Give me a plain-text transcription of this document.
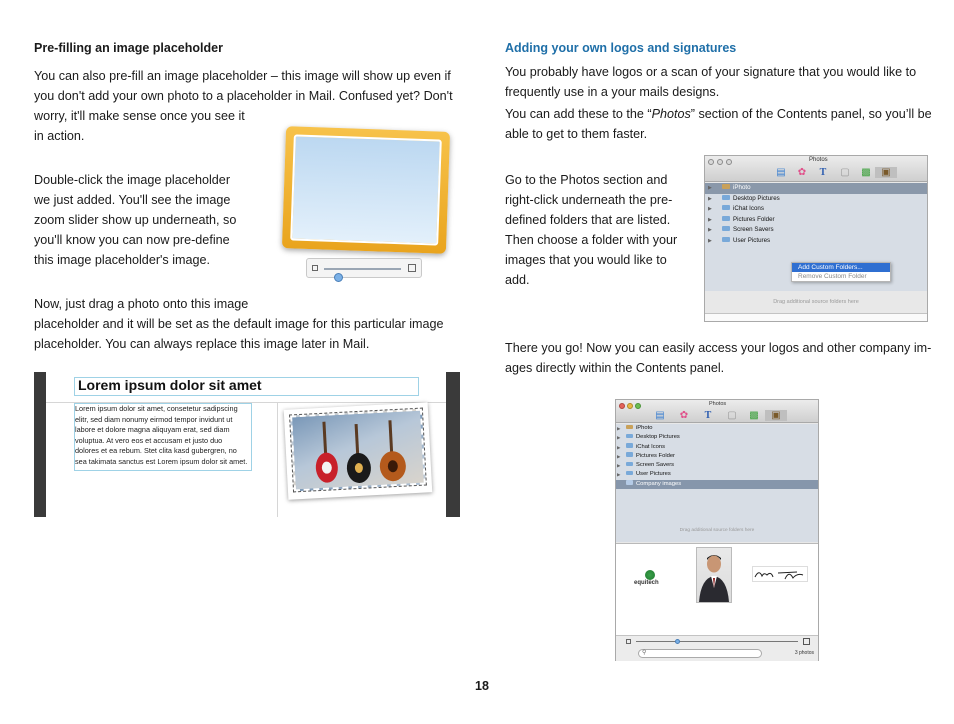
Pre-filling an image placeholder
You can also pre-fill an image placeholder – this image will show up even if
you don't add your own photo to a placeholder in Mail. Confused yet? Don't
worry, it'll make sense once you see it
in action.
Double-click the image placeholder
we just added. You'll see the image
zoom slider show up underneath, so
you'll know you can now pre-define
this image placeholder's image.
Now, just drag a photo onto this image
placeholder and it will be set as the default image for this particular image
placeholder. You can always replace this image later in Mail.
Lorem ipsum dolor sit amet
Lorem ipsum dolor sit amet, consetetur sadipscing
elitr, sed diam nonumy eirmod tempor invidunt ut
labore et dolore magna aliquyam erat, sed diam
voluptua. At vero eos et accusam et justo duo
dolores et ea rebum. Stet clita kasd gubergren, no
sea takimata sanctus est Lorem ipsum dolor sit amet.
Adding your own logos and signatures
You probably have logos or a scan of your signature that you would like to
frequently use in a your mails designs.
You can add these to the “Photos” section of the Contents panel, so you’ll be
able to get to them faster.
Go to the Photos section and
right-click underneath the pre-
defined folders that are listed.
Then choose a folder with your
images that you would like to
add.
Photos
▤ ✿ T ▢ ▩	▣
▶	iPhoto
▶	Desktop Pictures
▶	iChat Icons
▶	Pictures Folder
▶	Screen Savers
▶	User Pictures
Add Custom Folders...
Remove Custom Folder
Drag additional source folders here
There you go! Now you can easily access your logos and other company im-
ages directly within the Contents panel.
Photos
▤ ✿ T ▢ ▩	▣
▶	iPhoto
▶	Desktop Pictures
▶	iChat Icons
▶	Pictures Folder
▶	Screen Savers
▶	User Pictures
Company images
Drag additional source folders here
equitech
⚲	3 photos
18
